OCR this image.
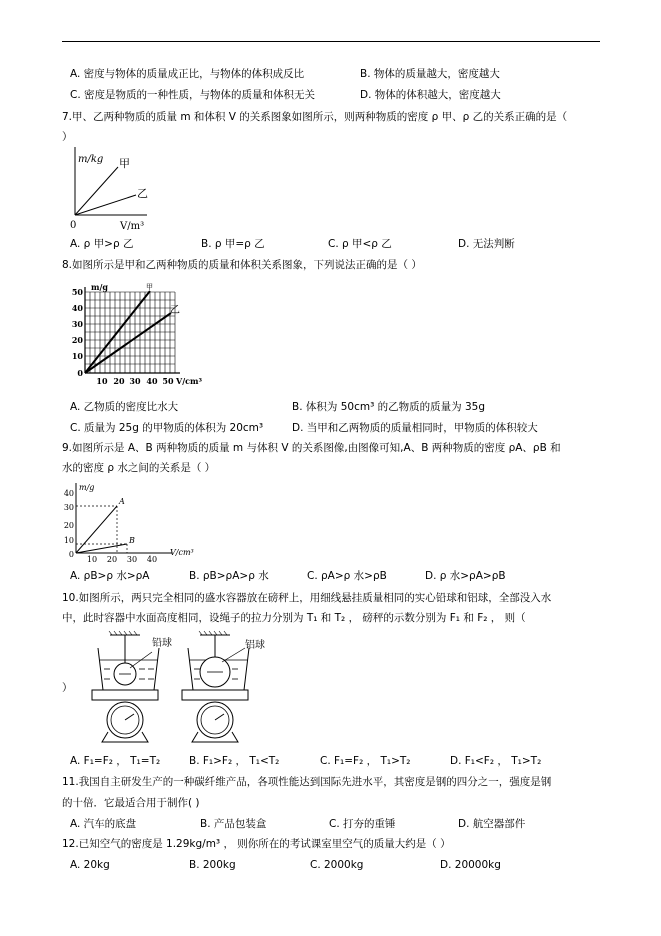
A. 密度与物体的质量成正比，与物体的体积成反比	B. 物体的质量越大，密度越大
C. 密度是物质的一种性质，与物体的质量和体积无关	D. 物体的体积越大，密度越大
7.甲、乙两种物质的质量 m 和体积 V 的关系图象如图所示，则两种物质的密度 ρ 甲、ρ 乙的关系正确的是（
）
m/kg 甲
乙
0	V/m³
A. ρ 甲>ρ 乙	B. ρ 甲=ρ 乙	C. ρ 甲<ρ 乙	D. 无法判断
8.如图所示是甲和乙两种物质的质量和体积关系图象，下列说法正确的是（ ）
m/g	甲
乙
50
40
30
20
10
0
10 20 30 40 50 V/cm³
A. 乙物质的密度比水大	B. 体积为 50cm³ 的乙物质的质量为 35g
C. 质量为 25g 的甲物质的体积为 20cm³	D. 当甲和乙两物质的质量相同时，甲物质的体积较大
9.如图所示是 A、B 两种物质的质量 m 与体积 V 的关系图像,由图像可知,A、B 两种物质的密度 ρA、ρB 和
水的密度 ρ 水之间的关系是（ ）
m/g
A
B
40
30
20
10
0
10 20 30 40
V/cm³
A. ρB>ρ 水>ρA	B. ρB>ρA>ρ 水	C. ρA>ρ 水>ρB	D. ρ 水>ρA>ρB
10.如图所示，两只完全相同的盛水容器放在磅秤上，用细线悬挂质量相同的实心铅球和铝球，全部没入水
中，此时容器中水面高度相同，设绳子的拉力分别为 T₁ 和 T₂ ， 磅秤的示数分别为 F₁ 和 F₂ ， 则（
）
铅球	铝球
A. F₁=F₂ ， T₁=T₂	B. F₁>F₂ ， T₁<T₂	C. F₁=F₂ ， T₁>T₂	D. F₁<F₂ ， T₁>T₂
11.我国自主研发生产的一种碳纤维产品，各项性能达到国际先进水平，其密度是钢的四分之一，强度是钢
的十倍．它最适合用于制作( )
A. 汽车的底盘	B. 产品包装盒	C. 打夯的重锤	D. 航空器部件
12.已知空气的密度是 1.29kg/m³ ， 则你所在的考试课室里空气的质量大约是（ ）
A. 20kg	B. 200kg	C. 2000kg	D. 20000kg
